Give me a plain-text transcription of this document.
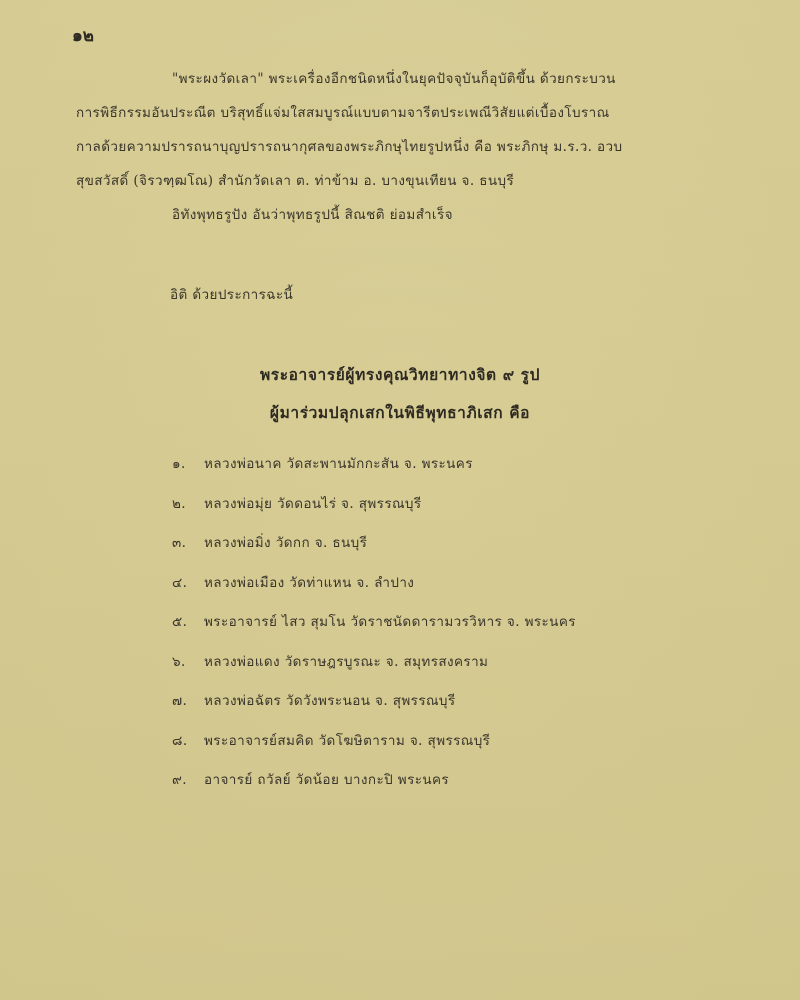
๑๒
"พระผงวัดเลา" พระเครื่องอีกชนิดหนึ่งในยุคปัจจุบันก็อุบัติขึ้น ด้วยกระบวน
การพิธีกรรมอันประณีต บริสุทธิ์แจ่มใสสมบูรณ์แบบตามจารีตประเพณีวิสัยแต่เบื้องโบราณ
กาลด้วยความปรารถนาบุญปรารถนากุศลของพระภิกษุไทยรูปหนึ่ง คือ พระภิกษุ ม.ร.ว. อวบ
สุขสวัสดิ์ (จิรวฑฺฒโณ) สำนักวัดเลา ต. ท่าข้าม อ. บางขุนเทียน จ. ธนบุรี
อิทังพุทธรูปัง อันว่าพุทธรูปนี้ สิณชติ ย่อมสำเร็จ
อิติ ด้วยประการฉะนี้
พระอาจารย์ผู้ทรงคุณวิทยาทางจิต ๙ รูป
ผู้มาร่วมปลุกเสกในพิธีพุทธาภิเสก คือ
๑. หลวงพ่อนาค วัดสะพานมักกะสัน จ. พระนคร
๒. หลวงพ่อมุ่ย วัดดอนไร่ จ. สุพรรณบุรี
๓. หลวงพ่อมิ่ง วัดกก จ. ธนบุรี
๔. หลวงพ่อเมือง วัดท่าแหน จ. ลำปาง
๕. พระอาจารย์ ไสว สุมโน วัดราชนัดดารามวรวิหาร จ. พระนคร
๖. หลวงพ่อแดง วัดราษฎรบูรณะ จ. สมุทรสงคราม
๗. หลวงพ่อฉัตร วัดวังพระนอน จ. สุพรรณบุรี
๘. พระอาจารย์สมคิด วัดโฆษิตาราม จ. สุพรรณบุรี
๙. อาจารย์ ถวัลย์ วัดน้อย บางกะปิ พระนคร
